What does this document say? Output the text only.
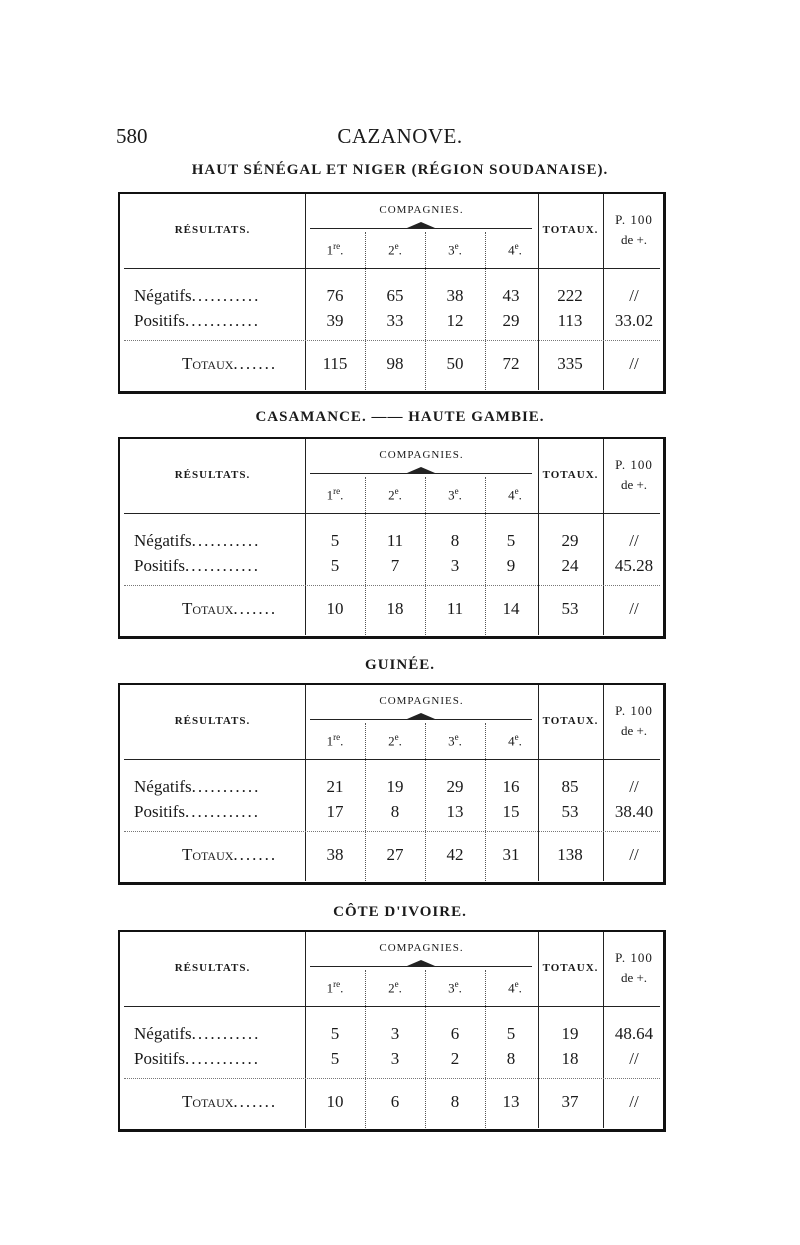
580	CAZANOVE.
HAUT SÉNÉGAL ET NIGER (RÉGION SOUDANAISE).
RÉSULTATS.
COMPAGNIES.
TOTAUX.
P. 100
de +.
1re.	2e.	3e.	4e.
Négatifs...........	76	65	38	43	222	//
Positifs............	39	33	12	29	113	33.02
Totaux.......	115	98	50	72	335	//
CASAMANCE. —— HAUTE GAMBIE.
RÉSULTATS.
COMPAGNIES.
TOTAUX.
P. 100
de +.
1re.	2e.	3e.	4e.
Négatifs...........	5	11	8	5	29	//
Positifs............	5	7	3	9	24	45.28
Totaux.......	10	18	11	14	53	//
GUINÉE.
RÉSULTATS.
COMPAGNIES.
TOTAUX.
P. 100
de +.
1re.	2e.	3e.	4e.
Négatifs...........	21	19	29	16	85	//
Positifs............	17	8	13	15	53	38.40
Totaux.......	38	27	42	31	138	//
CÔTE D'IVOIRE.
RÉSULTATS.
COMPAGNIES.
TOTAUX.
P. 100
de +.
1re.	2e.	3e.	4e.
Négatifs...........	5	3	6	5	19	48.64
Positifs............	5	3	2	8	18	//
Totaux.......	10	6	8	13	37	//
